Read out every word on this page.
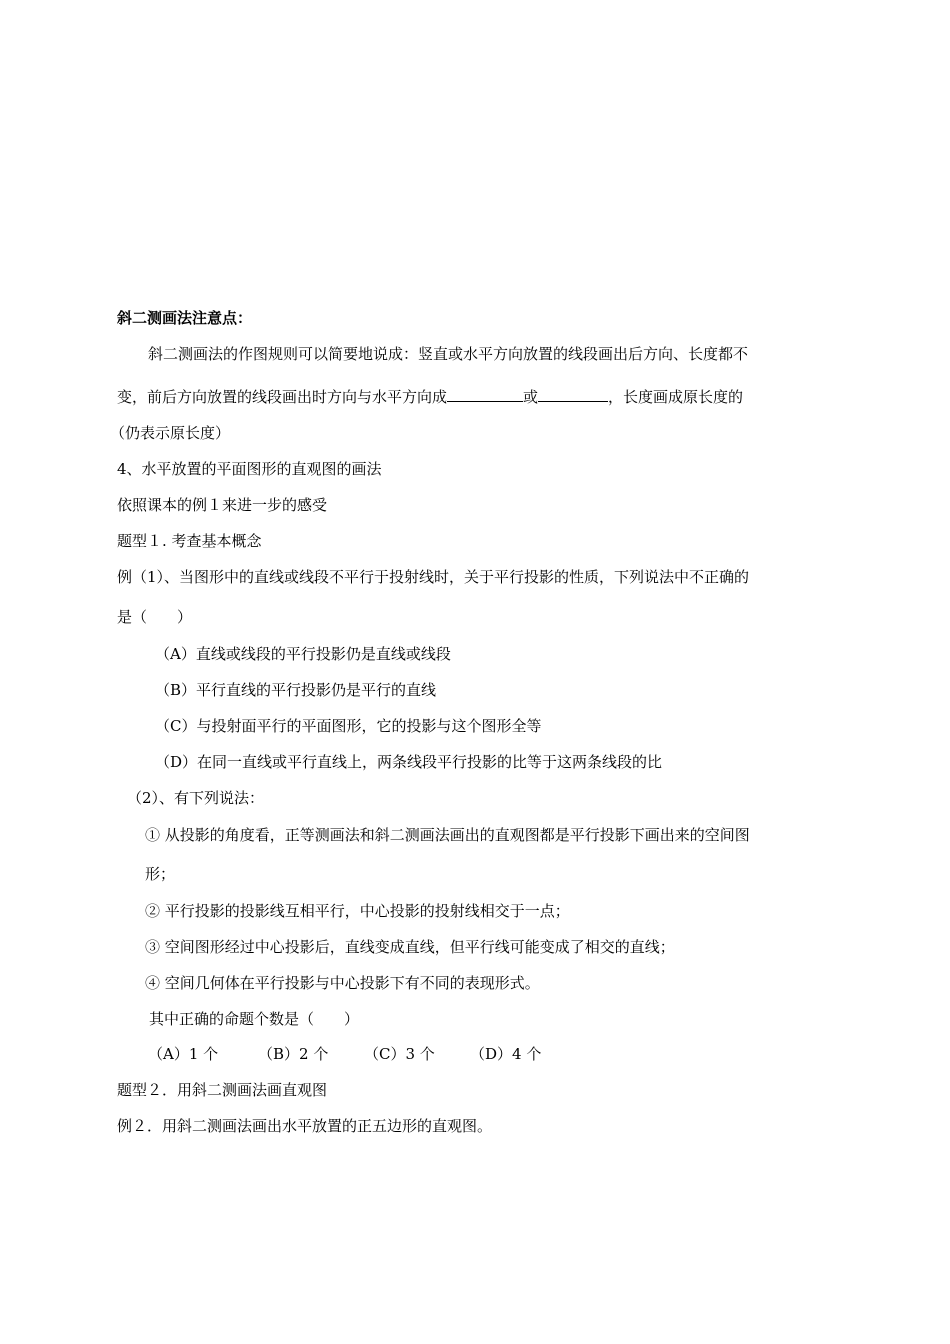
斜二测画法注意点：
斜二测画法的作图规则可以简要地说成：竖直或水平方向放置的线段画出后方向、长度都不
变，前后方向放置的线段画出时方向与水平方向成	或	，长度画成原长度的
（仍表示原长度）
4、水平放置的平面图形的直观图的画法
依照课本的例１来进一步的感受
题型１. 考查基本概念
例（1）、当图形中的直线或线段不平行于投射线时，关于平行投影的性质，下列说法中不正确的
是（　　）
（A）直线或线段的平行投影仍是直线或线段
（B）平行直线的平行投影仍是平行的直线
（C）与投射面平行的平面图形，它的投影与这个图形全等
（D）在同一直线或平行直线上，两条线段平行投影的比等于这两条线段的比
（2）、有下列说法：
① 从投影的角度看，正等测画法和斜二测画法画出的直观图都是平行投影下画出来的空间图
形；
② 平行投影的投影线互相平行，中心投影的投射线相交于一点；
③ 空间图形经过中心投影后，直线变成直线，但平行线可能变成了相交的直线；
④ 空间几何体在平行投影与中心投影下有不同的表现形式。
其中正确的命题个数是（　　）
（A）1 个	（B）2 个 （C）3 个 （D）4 个
题型２．用斜二测画法画直观图
例２．用斜二测画法画出水平放置的正五边形的直观图。
